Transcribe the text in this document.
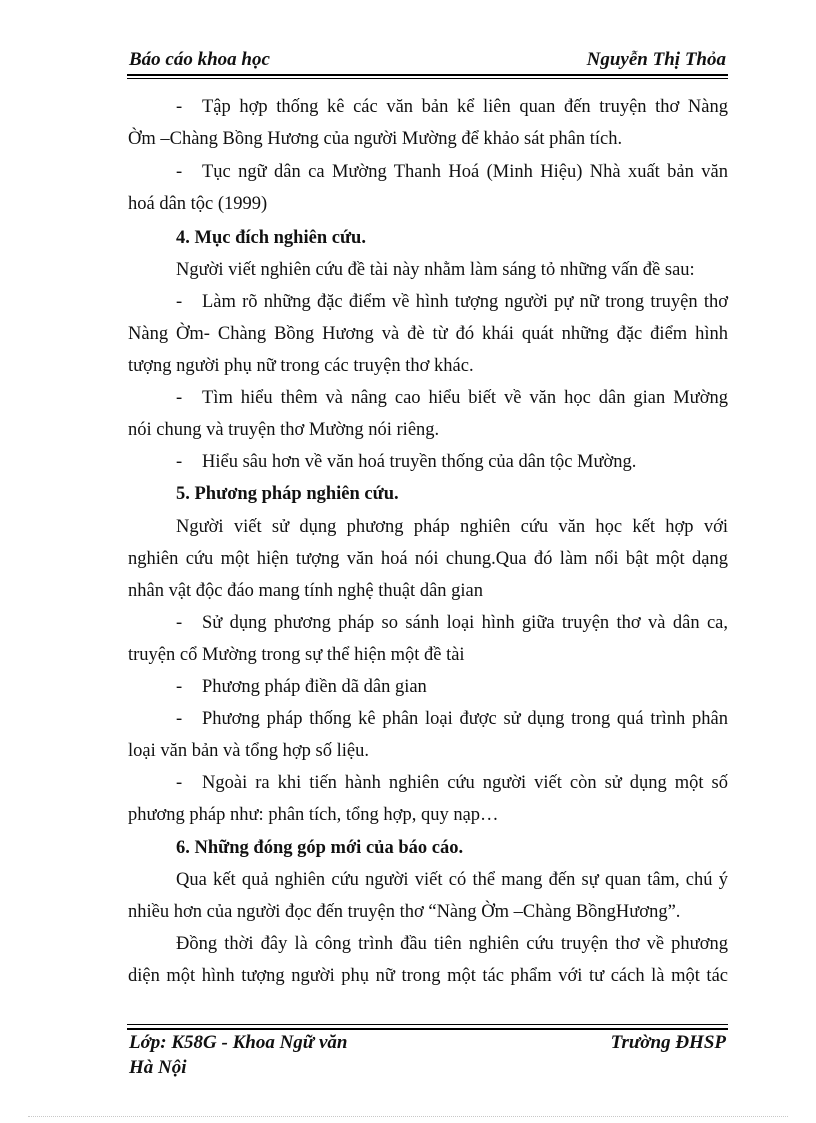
Báo cáo khoa học	Nguyễn Thị Thỏa
- Tập hợp thống kê các văn bản kể liên quan đến truyện thơ Nàng
Ờm –Chàng Bồng Hương của người Mường để khảo sát phân tích.
- Tục ngữ dân ca Mường Thanh Hoá (Minh Hiệu) Nhà xuất bản văn
hoá dân tộc (1999)
4. Mục đích nghiên cứu.
Người viết nghiên cứu đề tài này nhằm làm sáng tỏ những vấn đề sau:
- Làm rõ những đặc điểm về hình tượng người pự nữ trong truyện thơ
Nàng Ờm- Chàng Bồng Hương và đè từ đó khái quát những đặc điểm hình
tượng người phụ nữ trong các truyện thơ khác.
- Tìm hiểu thêm và nâng cao hiểu biết về văn học dân gian Mường
nói chung và truyện thơ Mường nói riêng.
- Hiểu sâu hơn về văn hoá truyền thống của dân tộc Mường.
5. Phương pháp nghiên cứu.
Người viết sử dụng phương pháp nghiên cứu văn học kết hợp với
nghiên cứu một hiện tượng văn hoá nói chung.Qua đó làm nổi bật một dạng
nhân vật độc đáo mang tính nghệ thuật dân gian
- Sử dụng phương pháp so sánh loại hình giữa truyện thơ và dân ca,
truyện cổ Mường trong sự thể hiện một đề tài
- Phương pháp điền dã dân gian
- Phương pháp thống kê phân loại được sử dụng trong quá trình phân
loại văn bản và tổng hợp số liệu.
- Ngoài ra khi tiến hành nghiên cứu người viết còn sử dụng một số
phương pháp như: phân tích, tổng hợp, quy nạp…
6. Những đóng góp mới của báo cáo.
Qua kết quả nghiên cứu người viết có thể mang đến sự quan tâm, chú ý
nhiều hơn của người đọc đến truyện thơ “Nàng Ờm –Chàng BồngHương”.
Đồng thời đây là công trình đầu tiên nghiên cứu truyện thơ về phương
diện một hình tượng người phụ nữ trong một tác phẩm với tư cách là một tác
Lớp: K58G - Khoa Ngữ văn
Hà Nội
Trường ĐHSP
